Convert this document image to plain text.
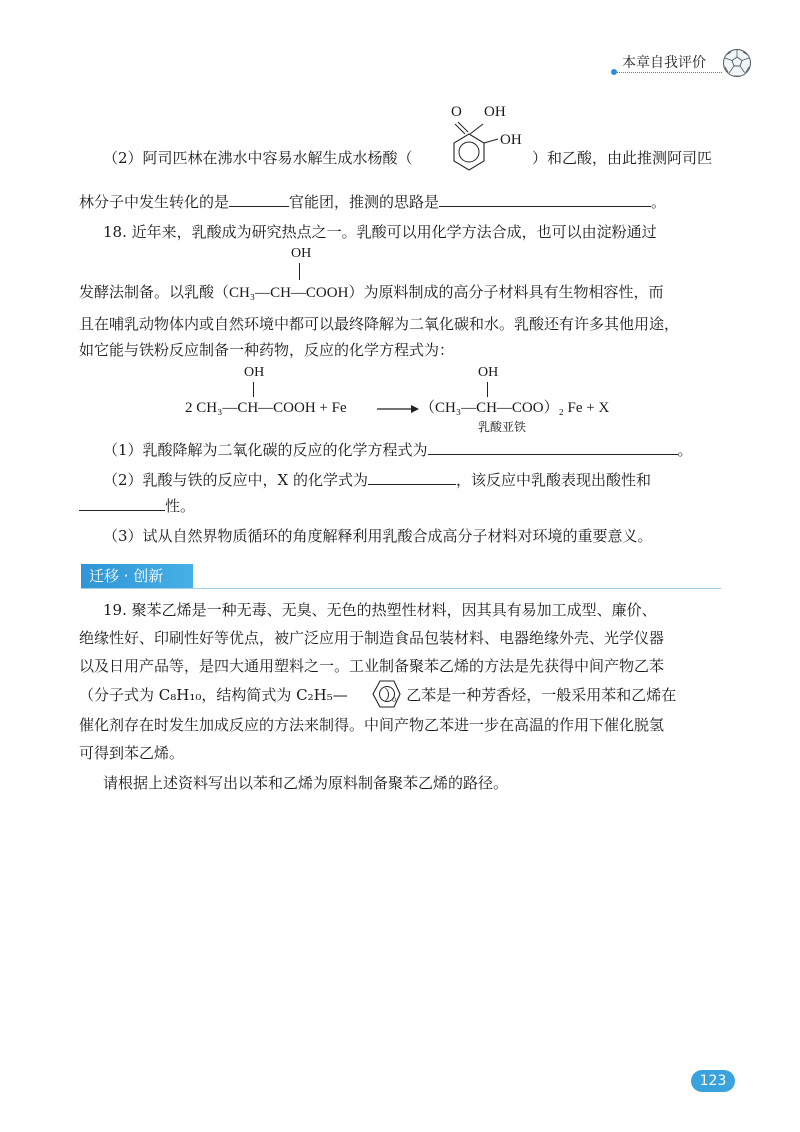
本章自我评价
O OH
OH
（2）阿司匹林在沸水中容易水解生成水杨酸（	）和乙酸，由此推测阿司匹
林分子中发生转化的是	官能团，推测的思路是	。
18. 近年来，乳酸成为研究热点之一。乳酸可以用化学方法合成，也可以由淀粉通过
OH
发酵法制备。以乳酸（CH₃—CH—COOH）为原料制成的高分子材料具有生物相容性，而
且在哺乳动物体内或自然环境中都可以最终降解为二氧化碳和水。乳酸还有许多其他用途，
如它能与铁粉反应制备一种药物，反应的化学方程式为：
OH	OH
2 CH₃—CH—COOH + Fe → （CH₃—CH—COO）₂ Fe + X
乳酸亚铁
（1）乳酸降解为二氧化碳的反应的化学方程式为	。
（2）乳酸与铁的反应中，X 的化学式为	，该反应中乳酸表现出酸性和
性。
（3）试从自然界物质循环的角度解释利用乳酸合成高分子材料对环境的重要意义。
迁移 · 创新
19. 聚苯乙烯是一种无毒、无臭、无色的热塑性材料，因其具有易加工成型、廉价、
绝缘性好、印刷性好等优点，被广泛应用于制造食品包装材料、电器绝缘外壳、光学仪器
以及日用产品等，是四大通用塑料之一。工业制备聚苯乙烯的方法是先获得中间产物乙苯
（分子式为 C₈H₁₀，结构简式为 C₂H₅— ）。乙苯是一种芳香烃，一般采用苯和乙烯在
催化剂存在时发生加成反应的方法来制得。中间产物乙苯进一步在高温的作用下催化脱氢
可得到苯乙烯。
请根据上述资料写出以苯和乙烯为原料制备聚苯乙烯的路径。
123
